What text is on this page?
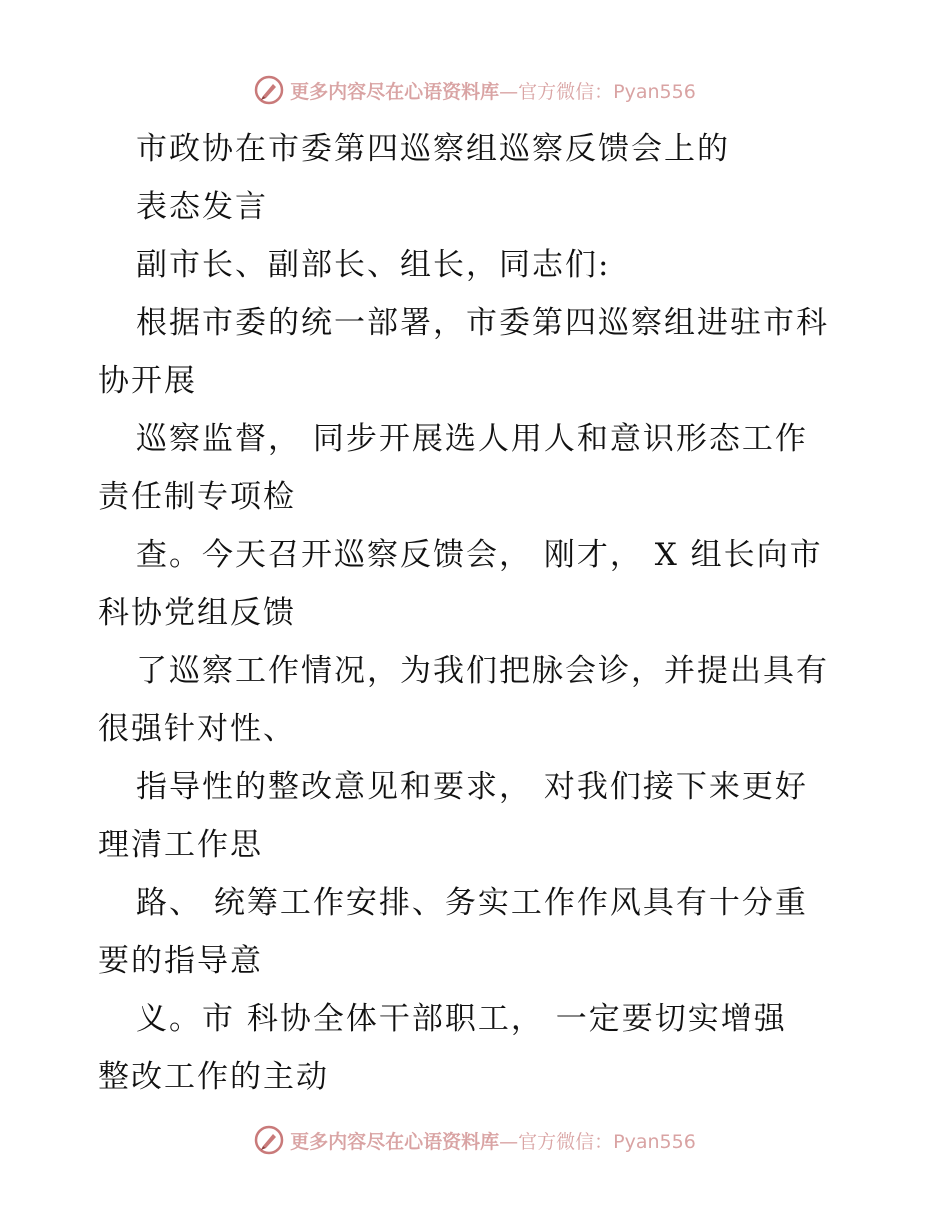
更多内容尽在心语资料库 —官方微信：Pyan556
市政协在市委第四巡察组巡察反馈会上的
表态发言
副市长、副部长、组长，同志们:
根据市委的统一部署，市委第四巡察组进驻市科
协开展
巡察监督， 同步开展选人用人和意识形态工作
责任制专项检
查。今天召开巡察反馈会， 刚才， X 组长向市
科协党组反馈
了巡察工作情况，为我们把脉会诊，并提出具有
很强针对性、
指导性的整改意见和要求， 对我们接下来更好
理清工作思
路、 统筹工作安排、务实工作作风具有十分重
要的指导意
义。市 科协全体干部职工， 一定要切实增强
整改工作的主动
更多内容尽在心语资料库 —官方微信：Pyan556
